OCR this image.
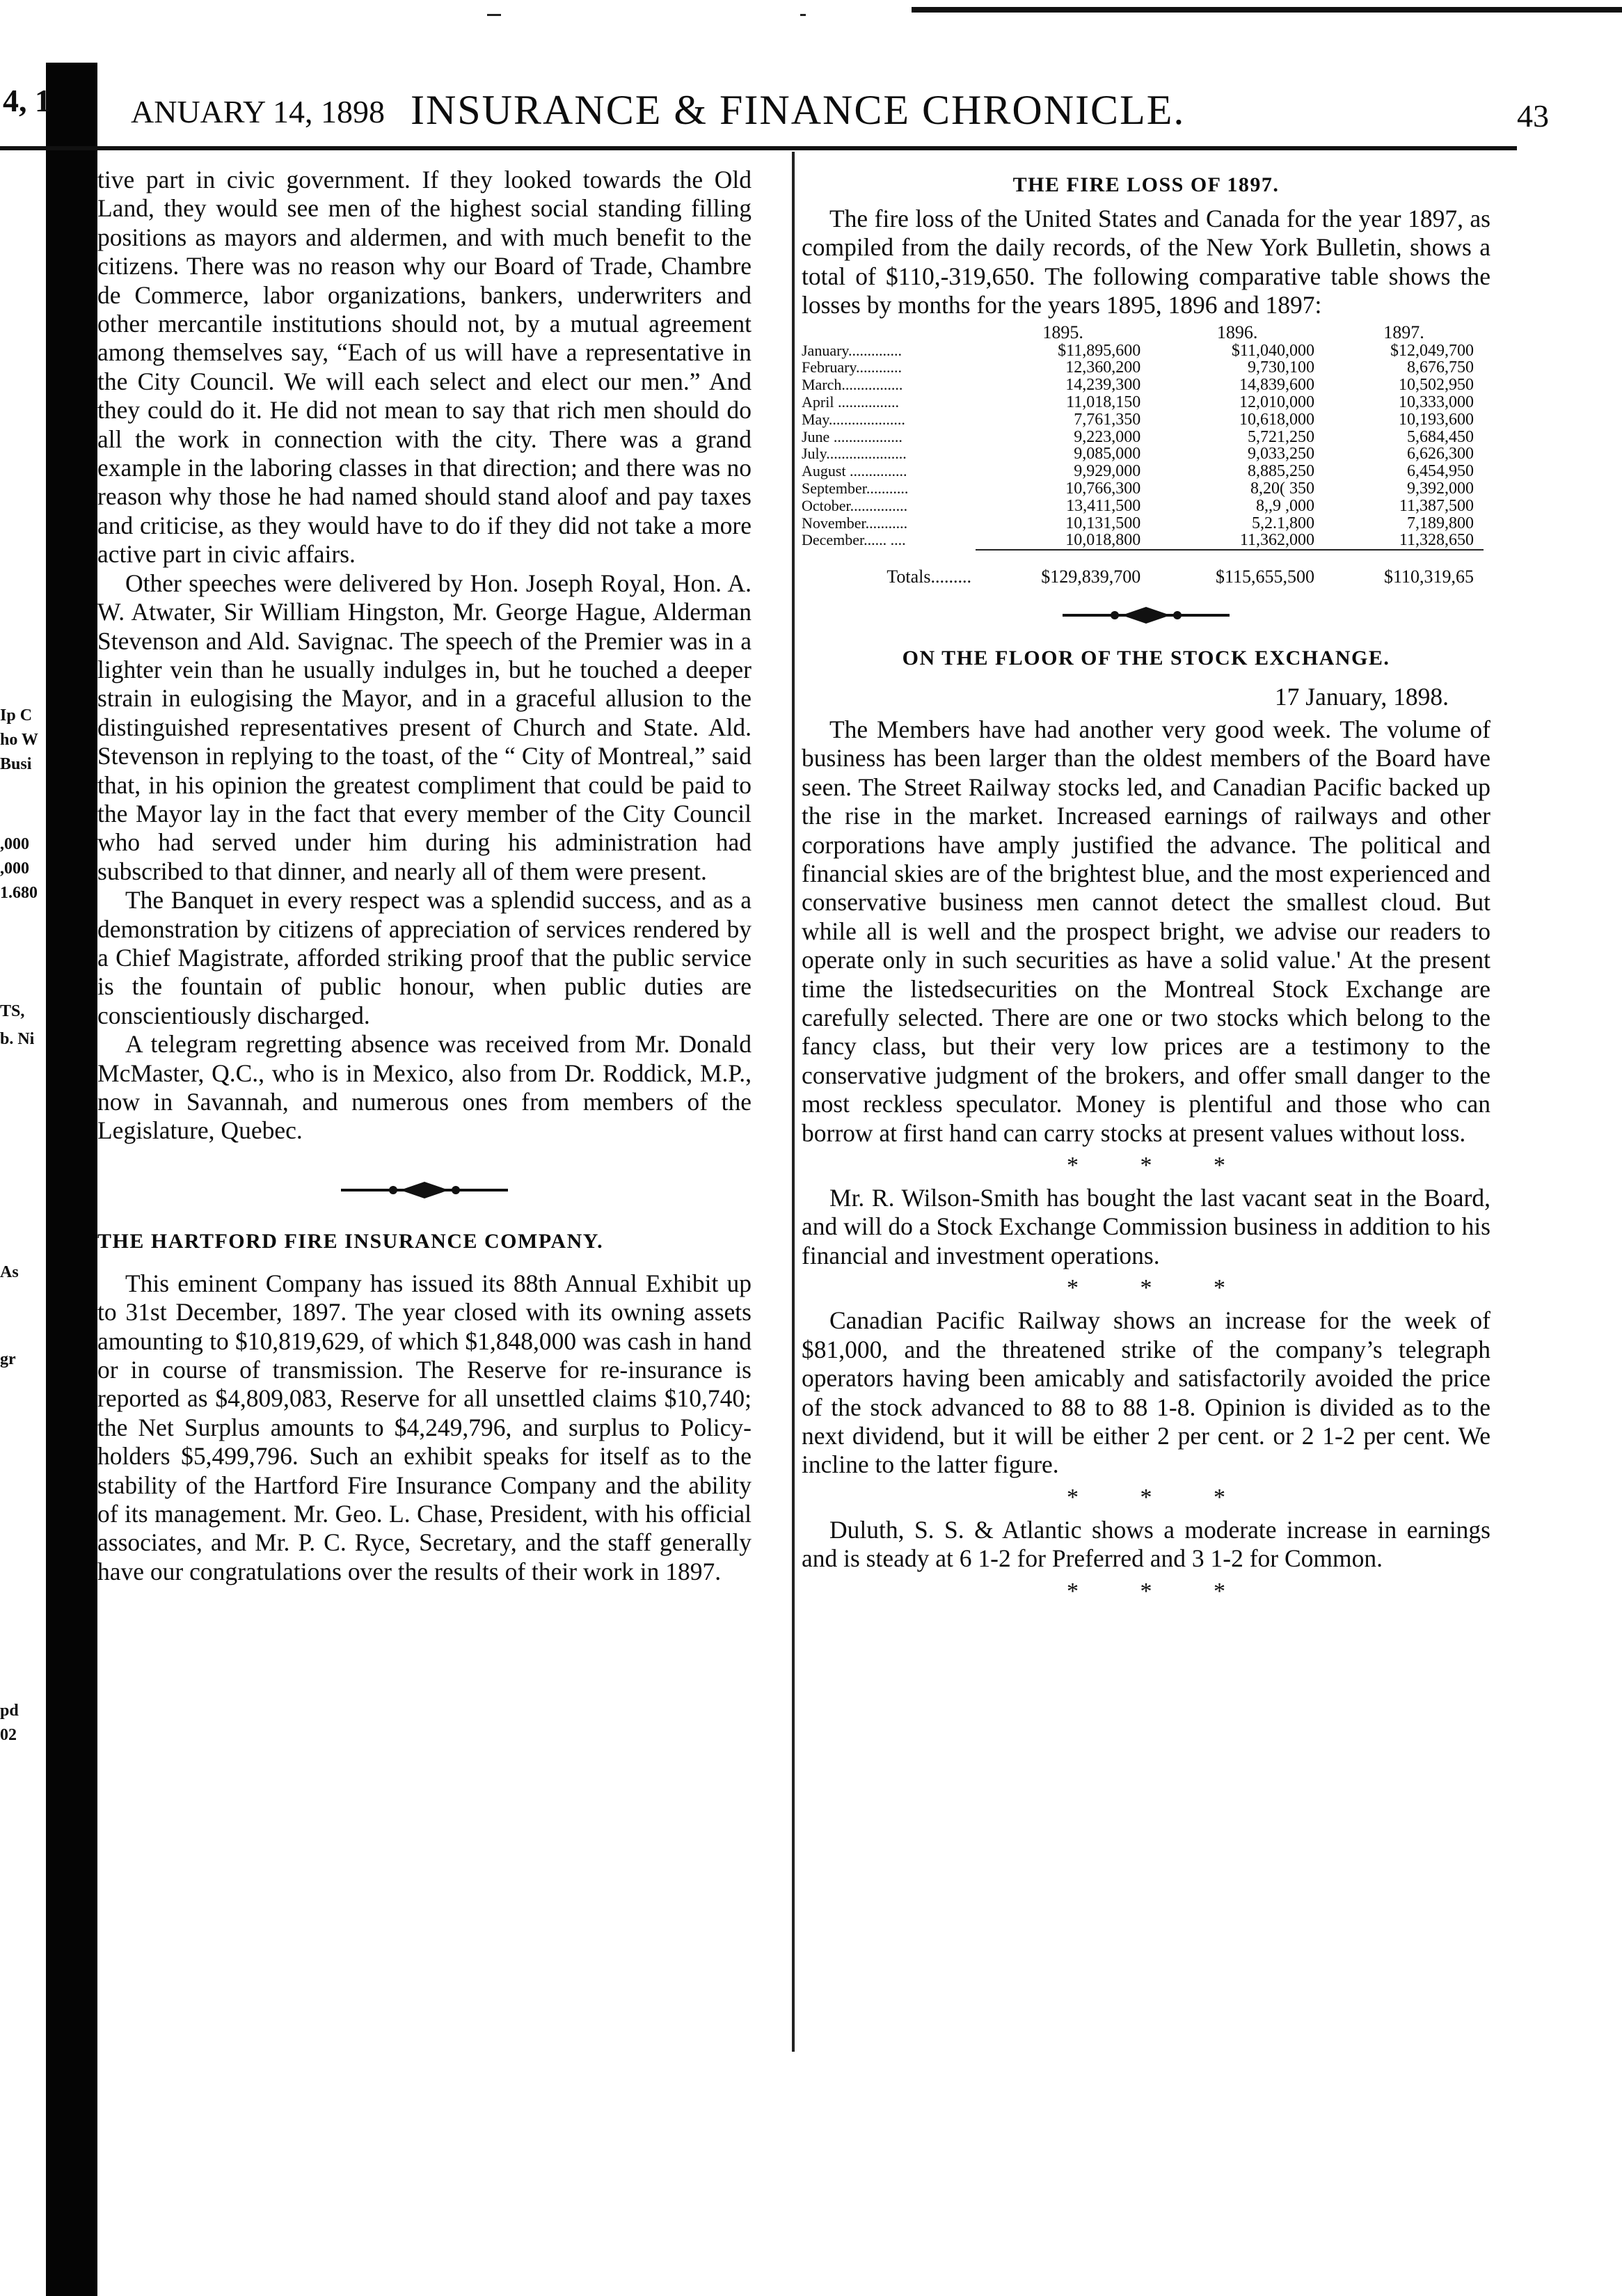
Ip C
ho W
Busi
,000
,000
1.680
TS,
b. Ni
As
gr
pd
02
4, 1	ANUARY 14, 1898 INSURANCE & FINANCE CHRONICLE.	43

tive part in civic government. If they looked towards the Old Land, they would see men of the highest social standing filling positions as mayors and aldermen, and with much benefit to the citizens. There was no reason why our Board of Trade, Chambre de Commerce, labor organizations, bankers, underwriters and other mercantile institutions should not, by a mutual agreement among themselves say, “Each of us will have a representative in the City Council. We will each select and elect our men.” And they could do it. He did not mean to say that rich men should do all the work in connection with the city. There was a grand example in the laboring classes in that direction; and there was no reason why those he had named should stand aloof and pay taxes and criticise, as they would have to do if they did not take a more active part in civic affairs.

Other speeches were delivered by Hon. Joseph Royal, Hon. A. W. Atwater, Sir William Hingston, Mr. George Hague, Alderman Stevenson and Ald. Savignac. The speech of the Premier was in a lighter vein than he usually indulges in, but he touched a deeper strain in eulogising the Mayor, and in a graceful allusion to the distinguished representatives present of Church and State. Ald. Stevenson in replying to the toast, of the “ City of Montreal,” said that, in his opinion the greatest compliment that could be paid to the Mayor lay in the fact that every member of the City Council who had served under him during his administration had subscribed to that dinner, and nearly all of them were present.

The Banquet in every respect was a splendid success, and as a demonstration by citizens of appreciation of services rendered by a Chief Magistrate, afforded striking proof that the public service is the fountain of public honour, when public duties are conscientiously discharged.

A telegram regretting absence was received from Mr. Donald McMaster, Q.C., who is in Mexico, also from Dr. Roddick, M.P., now in Savannah, and numerous ones from members of the Legislature, Quebec.

THE HARTFORD FIRE INSURANCE COMPANY.

This eminent Company has issued its 88th Annual Exhibit up to 31st December, 1897. The year closed with its owning assets amounting to $10,819,629, of which $1,848,000 was cash in hand or in course of transmission. The Reserve for re-insurance is reported as $4,809,083, Reserve for all unsettled claims $10,740; the Net Surplus amounts to $4,249,796, and surplus to Policy-holders $5,499,796. Such an exhibit speaks for itself as to the stability of the Hartford Fire Insurance Company and the ability of its management. Mr. Geo. L. Chase, President, with his official associates, and Mr. P. C. Ryce, Secretary, and the staff generally have our congratulations over the results of their work in 1897.

THE FIRE LOSS OF 1897.

The fire loss of the United States and Canada for the year 1897, as compiled from the daily records, of the New York Bulletin, shows a total of $110,-319,650. The following comparative table shows the losses by months for the years 1895, 1896 and 1897:

	1895.	1896.	1897.
January..............	$11,895,600	$11,040,000	$12,049,700
February............	12,360,200	9,730,100	8,676,750
March................	14,239,300	14,839,600	10,502,950
April ................	11,018,150	12,010,000	10,333,000
May....................	7,761,350	10,618,000	10,193,600
June ..................	9,223,000	5,721,250	5,684,450
July.....................	9,085,000	9,033,250	6,626,300
August ...............	9,929,000	8,885,250	6,454,950
September...........	10,766,300	8,20( 350	9,392,000
October...............	13,411,500	8,,9 ,000	11,387,500
November...........	10,131,500	5,2.1,800	7,189,800
December...... ....	10,018,800	11,362,000	11,328,650

Totals.........	$129,839,700	$115,655,500	$110,319,65

ON THE FLOOR OF THE STOCK EXCHANGE.

17 January, 1898.

The Members have had another very good week. The volume of business has been larger than the oldest members of the Board have seen. The Street Railway stocks led, and Canadian Pacific backed up the rise in the market. Increased earnings of railways and other corporations have amply justified the advance. The political and financial skies are of the brightest blue, and the most experienced and conservative business men cannot detect the smallest cloud. But while all is well and the prospect bright, we advise our readers to operate only in such securities as have a solid value.' At the present time the listedsecurities on the Montreal Stock Exchange are carefully selected. There are one or two stocks which belong to the fancy class, but their very low prices are a testimony to the conservative judgment of the brokers, and offer small danger to the most reckless speculator. Money is plentiful and those who can borrow at first hand can carry stocks at present values without loss.

* * *

Mr. R. Wilson-Smith has bought the last vacant seat in the Board, and will do a Stock Exchange Commission business in addition to his financial and investment operations.

* * *

Canadian Pacific Railway shows an increase for the week of $81,000, and the threatened strike of the company’s telegraph operators having been amicably and satisfactorily avoided the price of the stock advanced to 88 to 88 1-8. Opinion is divided as to the next dividend, but it will be either 2 per cent. or 2 1-2 per cent. We incline to the latter figure.

* * *

Duluth, S. S. & Atlantic shows a moderate increase in earnings and is steady at 6 1-2 for Preferred and 3 1-2 for Common.

* * *
